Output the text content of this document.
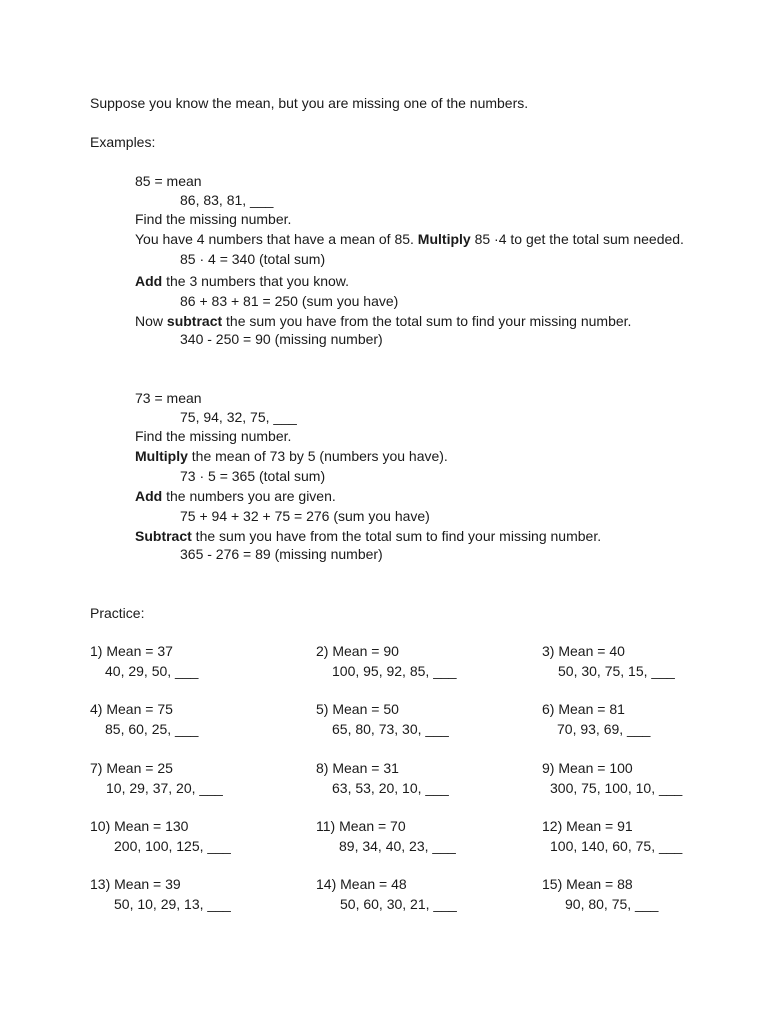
Suppose you know the mean, but you are missing one of the numbers.
Examples:
85 = mean
86, 83, 81, ___
Find the missing number.
You have 4 numbers that have a mean of 85. Multiply 85 ·4 to get the total sum needed.
85 · 4 = 340 (total sum)
Add the 3 numbers that you know.
86 + 83 + 81 = 250 (sum you have)
Now subtract the sum you have from the total sum to find your missing number.
340 - 250 = 90 (missing number)
73 = mean
75, 94, 32, 75, ___
Find the missing number.
Multiply the mean of 73 by 5 (numbers you have).
73 · 5 = 365 (total sum)
Add the numbers you are given.
75 + 94 + 32 + 75 = 276 (sum you have)
Subtract the sum you have from the total sum to find your missing number.
365 - 276 = 89 (missing number)
Practice:
1) Mean = 37
40, 29, 50, ___
2) Mean = 90
100, 95, 92, 85, ___
3) Mean = 40
50, 30, 75, 15, ___
4) Mean = 75
85, 60, 25, ___
5) Mean = 50
65, 80, 73, 30, ___
6) Mean = 81
70, 93, 69, ___
7) Mean = 25
10, 29, 37, 20, ___
8) Mean = 31
63, 53, 20, 10, ___
9) Mean = 100
300, 75, 100, 10, ___
10) Mean = 130
200, 100, 125, ___
11) Mean = 70
89, 34, 40, 23, ___
12) Mean = 91
100, 140, 60, 75, ___
13) Mean = 39
50, 10, 29, 13, ___
14) Mean = 48
50, 60, 30, 21, ___
15) Mean = 88
90, 80, 75, ___
